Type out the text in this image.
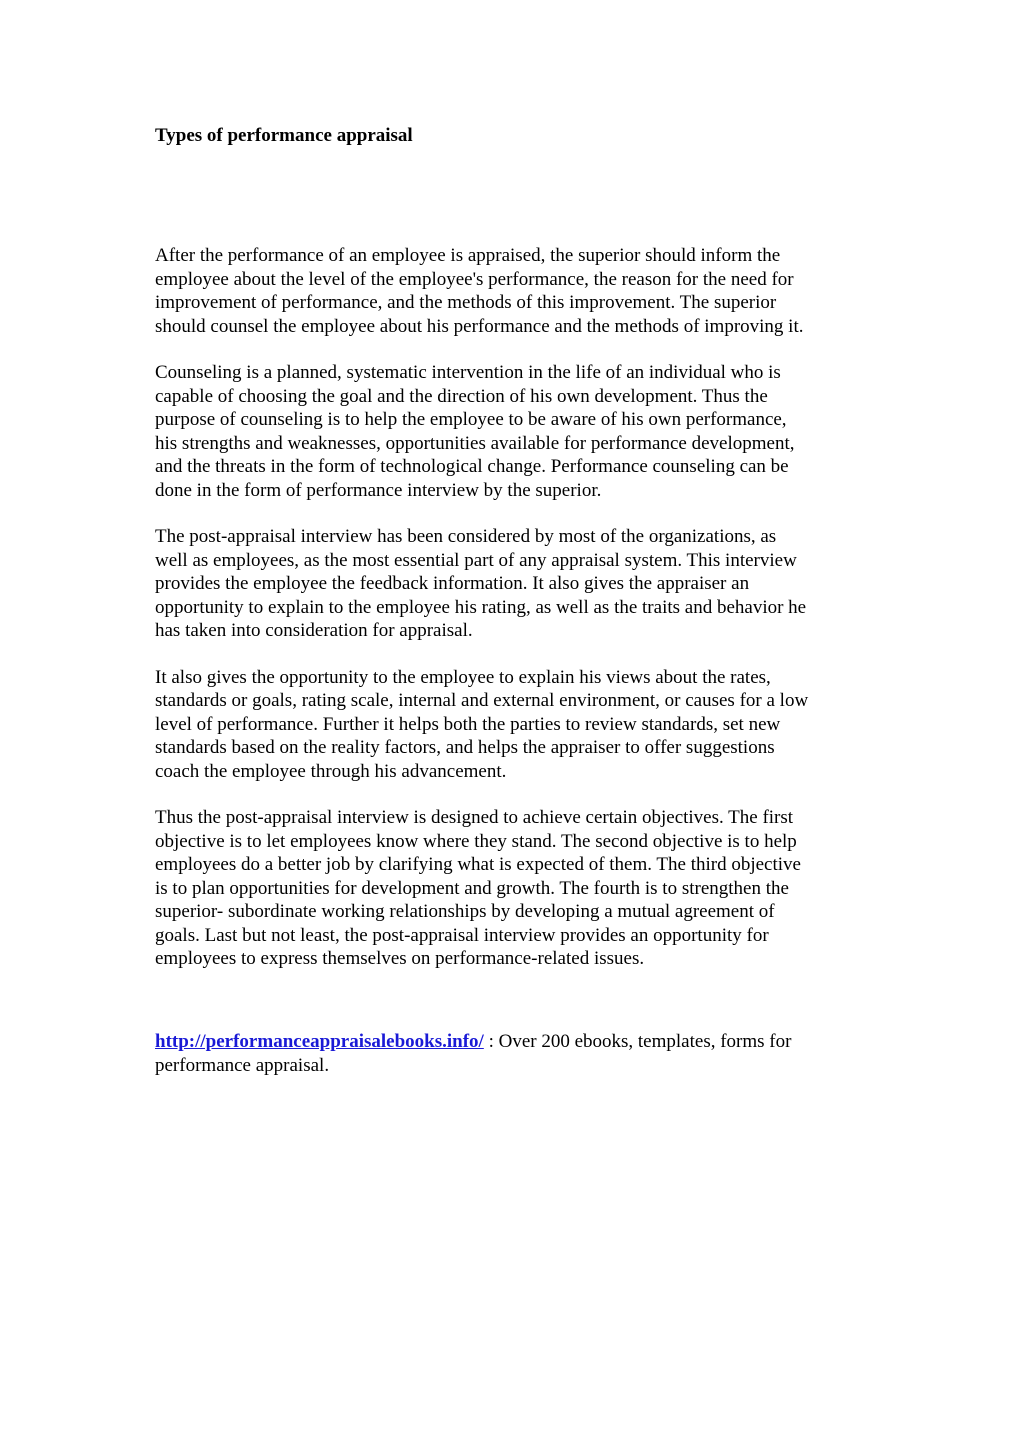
Types of performance appraisal

After the performance of an employee is appraised, the superior should inform the
employee about the level of the employee's performance, the reason for the need for
improvement of performance, and the methods of this improvement. The superior
should counsel the employee about his performance and the methods of improving it.

Counseling is a planned, systematic intervention in the life of an individual who is
capable of choosing the goal and the direction of his own development. Thus the
purpose of counseling is to help the employee to be aware of his own performance,
his strengths and weaknesses, opportunities available for performance development,
and the threats in the form of technological change. Performance counseling can be
done in the form of performance interview by the superior.

The post-appraisal interview has been considered by most of the organizations, as
well as employees, as the most essential part of any appraisal system. This interview
provides the employee the feedback information. It also gives the appraiser an
opportunity to explain to the employee his rating, as well as the traits and behavior he
has taken into consideration for appraisal.

It also gives the opportunity to the employee to explain his views about the rates,
standards or goals, rating scale, internal and external environment, or causes for a low
level of performance. Further it helps both the parties to review standards, set new
standards based on the reality factors, and helps the appraiser to offer suggestions
coach the employee through his advancement.

Thus the post-appraisal interview is designed to achieve certain objectives. The first
objective is to let employees know where they stand. The second objective is to help
employees do a better job by clarifying what is expected of them. The third objective
is to plan opportunities for development and growth. The fourth is to strengthen the
superior- subordinate working relationships by developing a mutual agreement of
goals. Last but not least, the post-appraisal interview provides an opportunity for
employees to express themselves on performance-related issues.

http://performanceappraisalebooks.info/ : Over 200 ebooks, templates, forms for
performance appraisal.
